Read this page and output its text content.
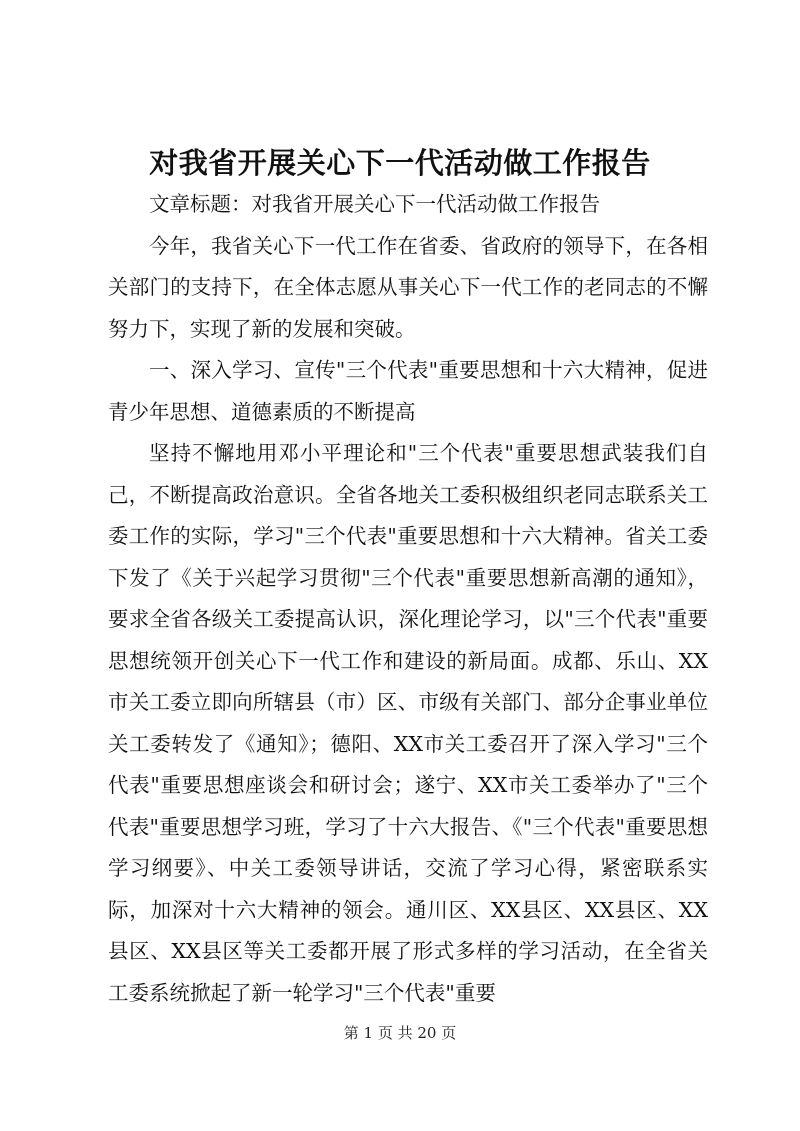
对我省开展关心下一代活动做工作报告

文章标题：对我省开展关心下一代活动做工作报告

今年，我省关心下一代工作在省委、省政府的领导下，在各相关部门的支持下，在全体志愿从事关心下一代工作的老同志的不懈努力下，实现了新的发展和突破。

一、深入学习、宣传"三个代表"重要思想和十六大精神，促进青少年思想、道德素质的不断提高

坚持不懈地用邓小平理论和"三个代表"重要思想武装我们自己，不断提高政治意识。全省各地关工委积极组织老同志联系关工委工作的实际，学习"三个代表"重要思想和十六大精神。省关工委下发了《关于兴起学习贯彻"三个代表"重要思想新高潮的通知》，要求全省各级关工委提高认识，深化理论学习，以"三个代表"重要思想统领开创关心下一代工作和建设的新局面。成都、乐山、XX市关工委立即向所辖县（市）区、市级有关部门、部分企事业单位关工委转发了《通知》；德阳、XX市关工委召开了深入学习"三个代表"重要思想座谈会和研讨会；遂宁、XX市关工委举办了"三个代表"重要思想学习班，学习了十六大报告、《"三个代表"重要思想学习纲要》、中关工委领导讲话，交流了学习心得，紧密联系实际，加深对十六大精神的领会。通川区、XX县区、XX县区、XX县区、XX县区等关工委都开展了形式多样的学习活动，在全省关工委系统掀起了新一轮学习"三个代表"重要

第 1 页 共 20 页
